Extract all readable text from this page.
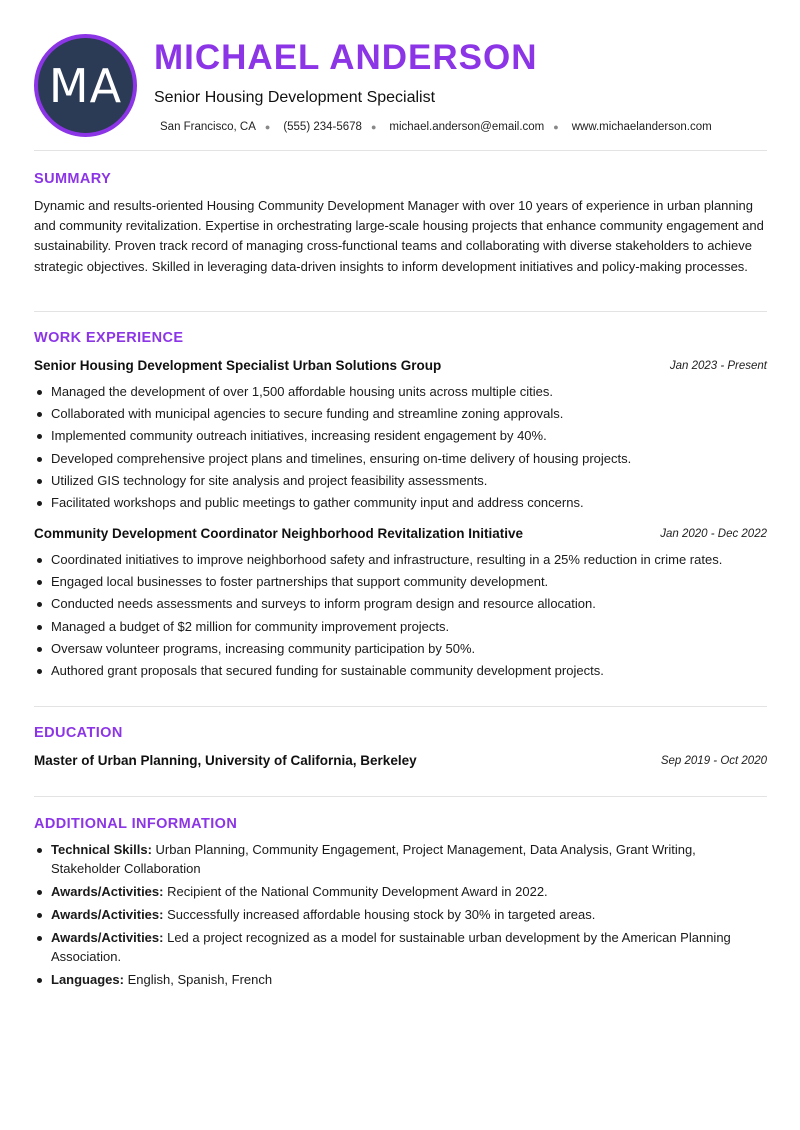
MA
MICHAEL ANDERSON
Senior Housing Development Specialist
San Francisco, CA ● (555) 234-5678 ● michael.anderson@email.com ● www.michaelanderson.com
SUMMARY
Dynamic and results-oriented Housing Community Development Manager with over 10 years of experience in urban planning and community revitalization. Expertise in orchestrating large-scale housing projects that enhance community engagement and sustainability. Proven track record of managing cross-functional teams and collaborating with diverse stakeholders to achieve strategic objectives. Skilled in leveraging data-driven insights to inform development initiatives and policy-making processes.
WORK EXPERIENCE
Senior Housing Development Specialist Urban Solutions Group	Jan 2023 - Present
Managed the development of over 1,500 affordable housing units across multiple cities.
Collaborated with municipal agencies to secure funding and streamline zoning approvals.
Implemented community outreach initiatives, increasing resident engagement by 40%.
Developed comprehensive project plans and timelines, ensuring on-time delivery of housing projects.
Utilized GIS technology for site analysis and project feasibility assessments.
Facilitated workshops and public meetings to gather community input and address concerns.
Community Development Coordinator Neighborhood Revitalization Initiative	Jan 2020 - Dec 2022
Coordinated initiatives to improve neighborhood safety and infrastructure, resulting in a 25% reduction in crime rates.
Engaged local businesses to foster partnerships that support community development.
Conducted needs assessments and surveys to inform program design and resource allocation.
Managed a budget of $2 million for community improvement projects.
Oversaw volunteer programs, increasing community participation by 50%.
Authored grant proposals that secured funding for sustainable community development projects.
EDUCATION
Master of Urban Planning, University of California, Berkeley	Sep 2019 - Oct 2020
ADDITIONAL INFORMATION
Technical Skills: Urban Planning, Community Engagement, Project Management, Data Analysis, Grant Writing, Stakeholder Collaboration
Awards/Activities: Recipient of the National Community Development Award in 2022.
Awards/Activities: Successfully increased affordable housing stock by 30% in targeted areas.
Awards/Activities: Led a project recognized as a model for sustainable urban development by the American Planning Association.
Languages: English, Spanish, French
